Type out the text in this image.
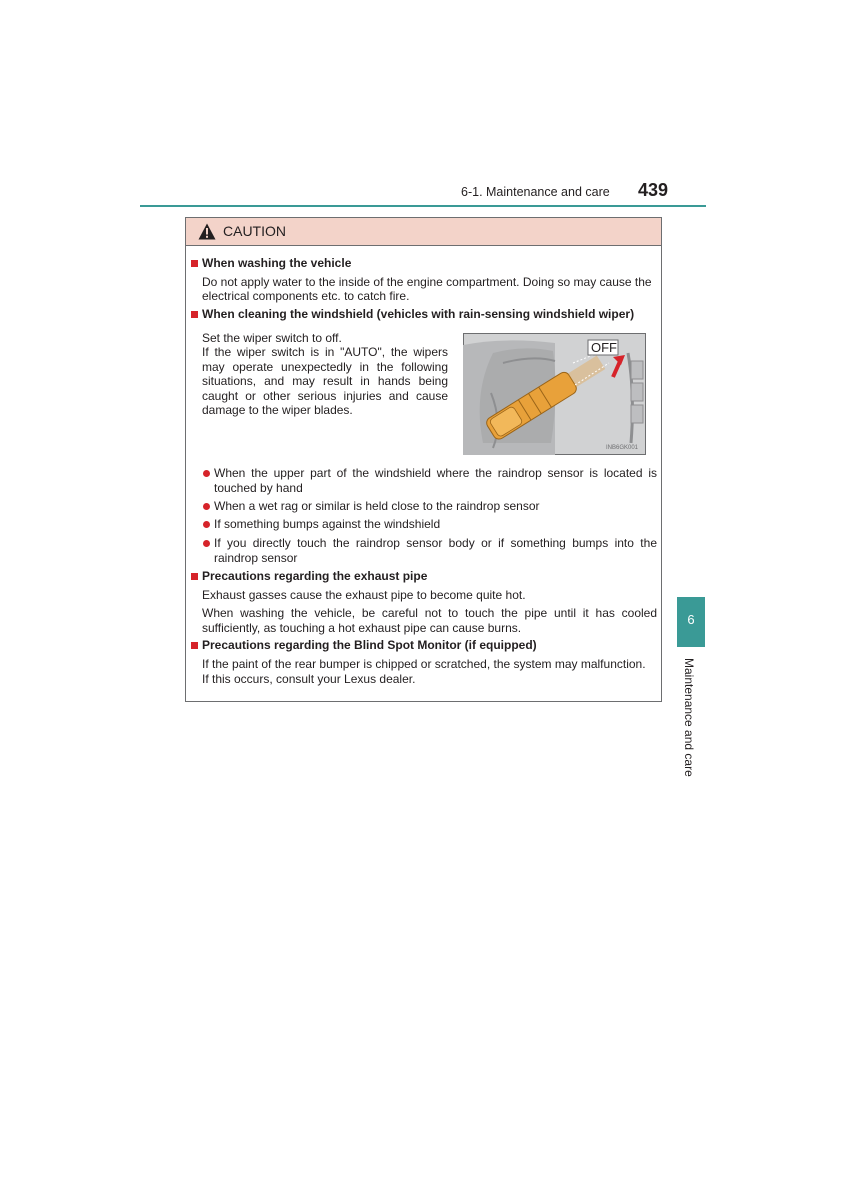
6-1. Maintenance and care 439
6
Maintenance and care
CAUTION
When washing the vehicle
Do not apply water to the inside of the engine compartment. Doing so may cause the
electrical components etc. to catch fire.
When cleaning the windshield (vehicles with rain-sensing windshield wiper)
Set the wiper switch to off.
If the wiper switch is in "AUTO", the wipers may operate unexpectedly in the following situations, and may result in hands being caught or other serious injuries and cause damage to the wiper blades.
OFF
INB6GK001
When the upper part of the windshield where the raindrop sensor is located is touched by hand
When a wet rag or similar is held close to the raindrop sensor
If something bumps against the windshield
If you directly touch the raindrop sensor body or if something bumps into the raindrop sensor
Precautions regarding the exhaust pipe
Exhaust gasses cause the exhaust pipe to become quite hot.
When washing the vehicle, be careful not to touch the pipe until it has cooled sufficiently, as touching a hot exhaust pipe can cause burns.
Precautions regarding the Blind Spot Monitor (if equipped)
If the paint of the rear bumper is chipped or scratched, the system may malfunction.
If this occurs, consult your Lexus dealer.
